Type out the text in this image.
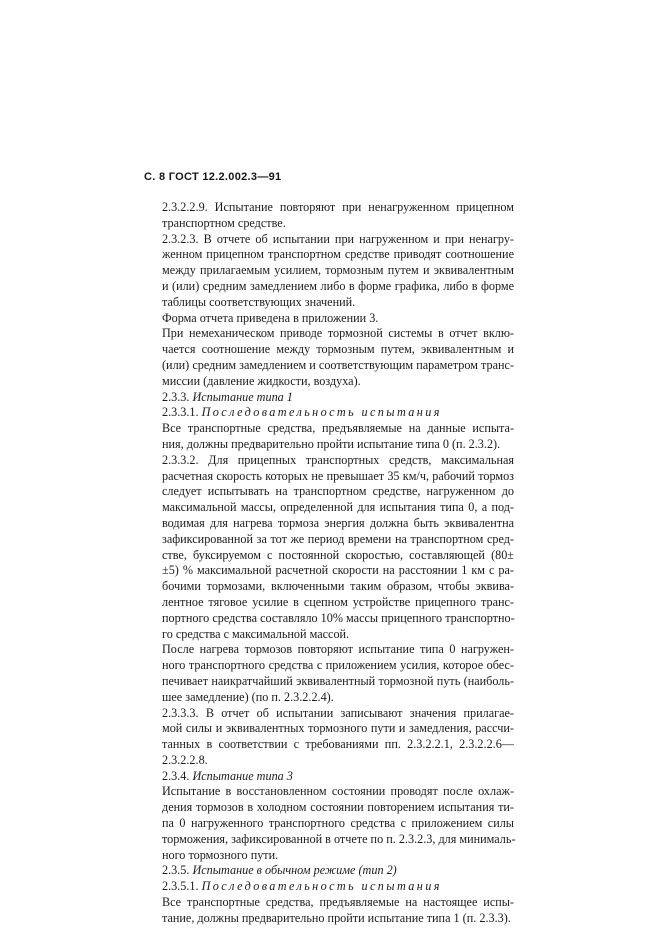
С. 8 ГОСТ 12.2.002.3—91
2.3.2.2.9. Испытание повторяют при ненагруженном прицепном
транспортном средстве.
2.3.2.3. В отчете об испытании при нагруженном и при ненагру-
женном прицепном транспортном средстве приводят соотношение
между прилагаемым усилием, тормозным путем и эквивалентным
и (или) средним замедлением либо в форме графика, либо в форме
таблицы соответствующих значений.
Форма отчета приведена в приложении 3.
При немеханическом приводе тормозной системы в отчет вклю-
чается соотношение между тормозным путем, эквивалентным и
(или) средним замедлением и соответствующим параметром транс-
миссии (давление жидкости, воздуха).
2.3.3. Испытание типа 1
2.3.3.1. Последовательность испытания
Все транспортные средства, предъявляемые на данные испыта-
ния, должны предварительно пройти испытание типа 0 (п. 2.3.2).
2.3.3.2. Для прицепных транспортных средств, максимальная
расчетная скорость которых не превышает 35 км/ч, рабочий тормоз
следует испытывать на транспортном средстве, нагруженном до
максимальной массы, определенной для испытания типа 0, а под-
водимая для нагрева тормоза энергия должна быть эквивалентна
зафиксированной за тот же период времени на транспортном сред-
стве, буксируемом с постоянной скоростью, составляющей (80±
±5) % максимальной расчетной скорости на расстоянии 1 км с ра-
бочими тормозами, включенными таким образом, чтобы эквива-
лентное тяговое усилие в сцепном устройстве прицепного транс-
портного средства составляло 10% массы прицепного транспортно-
го средства с максимальной массой.
После нагрева тормозов повторяют испытание типа 0 нагружен-
ного транспортного средства с приложением усилия, которое обес-
печивает наикратчайший эквивалентный тормозной путь (наиболь-
шее замедление) (по п. 2.3.2.2.4).
2.3.3.3. В отчет об испытании записывают значения прилагае-
мой силы и эквивалентных тормозного пути и замедления, рассчи-
танных в соответствии с требованиями пп. 2.3.2.2.1, 2.3.2.2.6—
2.3.2.2.8.
2.3.4. Испытание типа 3
Испытание в восстановленном состоянии проводят после охлаж-
дения тормозов в холодном состоянии повторением испытания ти-
па 0 нагруженного транспортного средства с приложением силы
торможения, зафиксированной в отчете по п. 2.3.2.3, для минималь-
ного тормозного пути.
2.3.5. Испытание в обычном режиме (тип 2)
2.3.5.1. Последовательность испытания
Все транспортные средства, предъявляемые на настоящее испы-
тание, должны предварительно пройти испытание типа 1 (п. 2.3.3).
